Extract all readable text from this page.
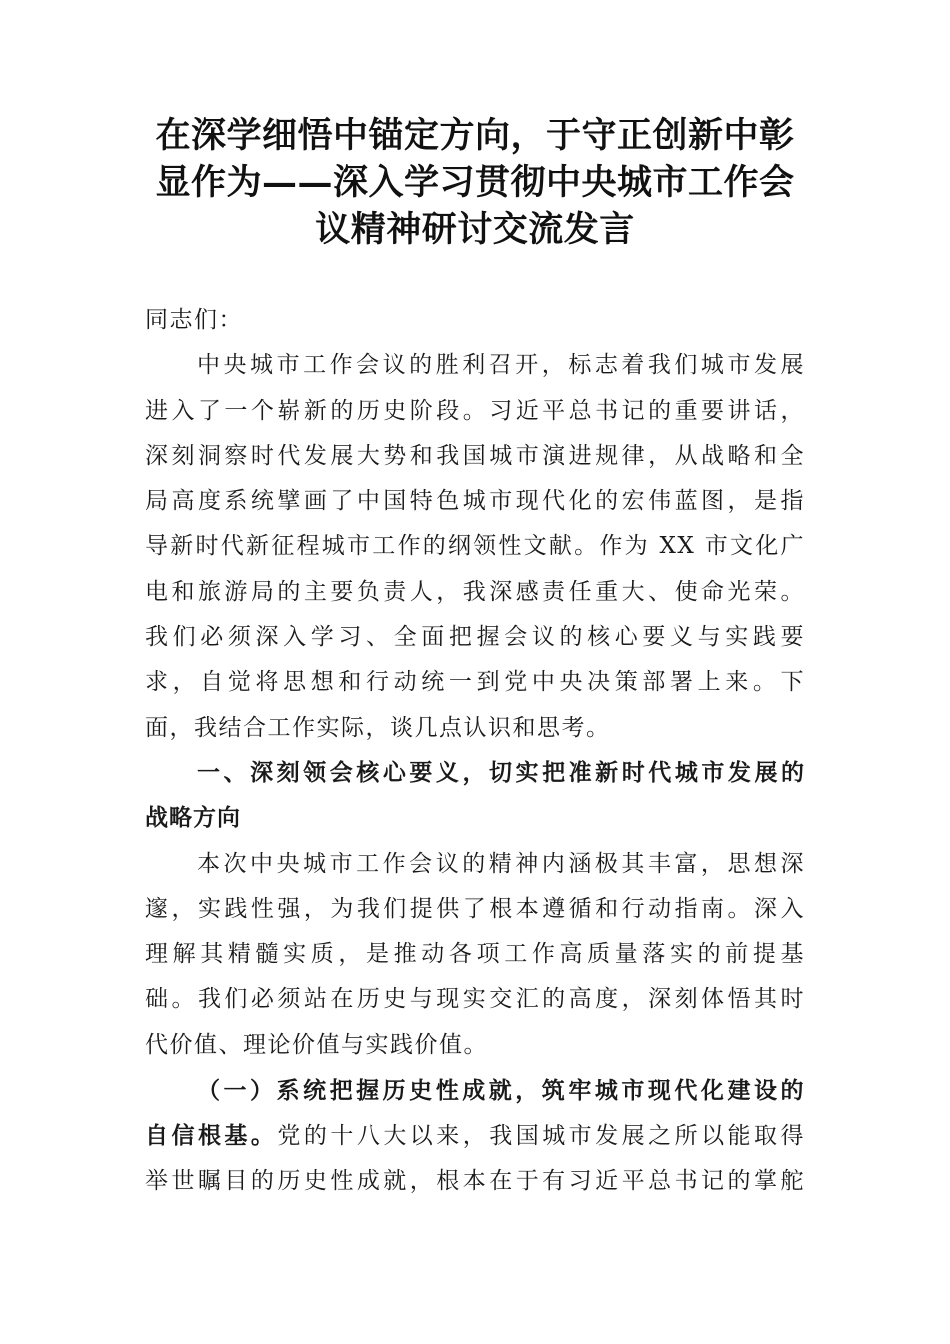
在深学细悟中锚定方向，于守正创新中彰
显作为——深入学习贯彻中央城市工作会
议精神研讨交流发言
同志们：
中央城市工作会议的胜利召开，标志着我们城市发展
进入了一个崭新的历史阶段。习近平总书记的重要讲话，
深刻洞察时代发展大势和我国城市演进规律，从战略和全
局高度系统擘画了中国特色城市现代化的宏伟蓝图，是指
导新时代新征程城市工作的纲领性文献。作为 XX 市文化广
电和旅游局的主要负责人，我深感责任重大、使命光荣。
我们必须深入学习、全面把握会议的核心要义与实践要
求，自觉将思想和行动统一到党中央决策部署上来。下
面，我结合工作实际，谈几点认识和思考。
一、深刻领会核心要义，切实把准新时代城市发展的
战略方向
本次中央城市工作会议的精神内涵极其丰富，思想深
邃，实践性强，为我们提供了根本遵循和行动指南。深入
理解其精髓实质，是推动各项工作高质量落实的前提基
础。我们必须站在历史与现实交汇的高度，深刻体悟其时
代价值、理论价值与实践价值。
（一）系统把握历史性成就，筑牢城市现代化建设的
自信根基。党的十八大以来，我国城市发展之所以能取得
举世瞩目的历史性成就，根本在于有习近平总书记的掌舵
